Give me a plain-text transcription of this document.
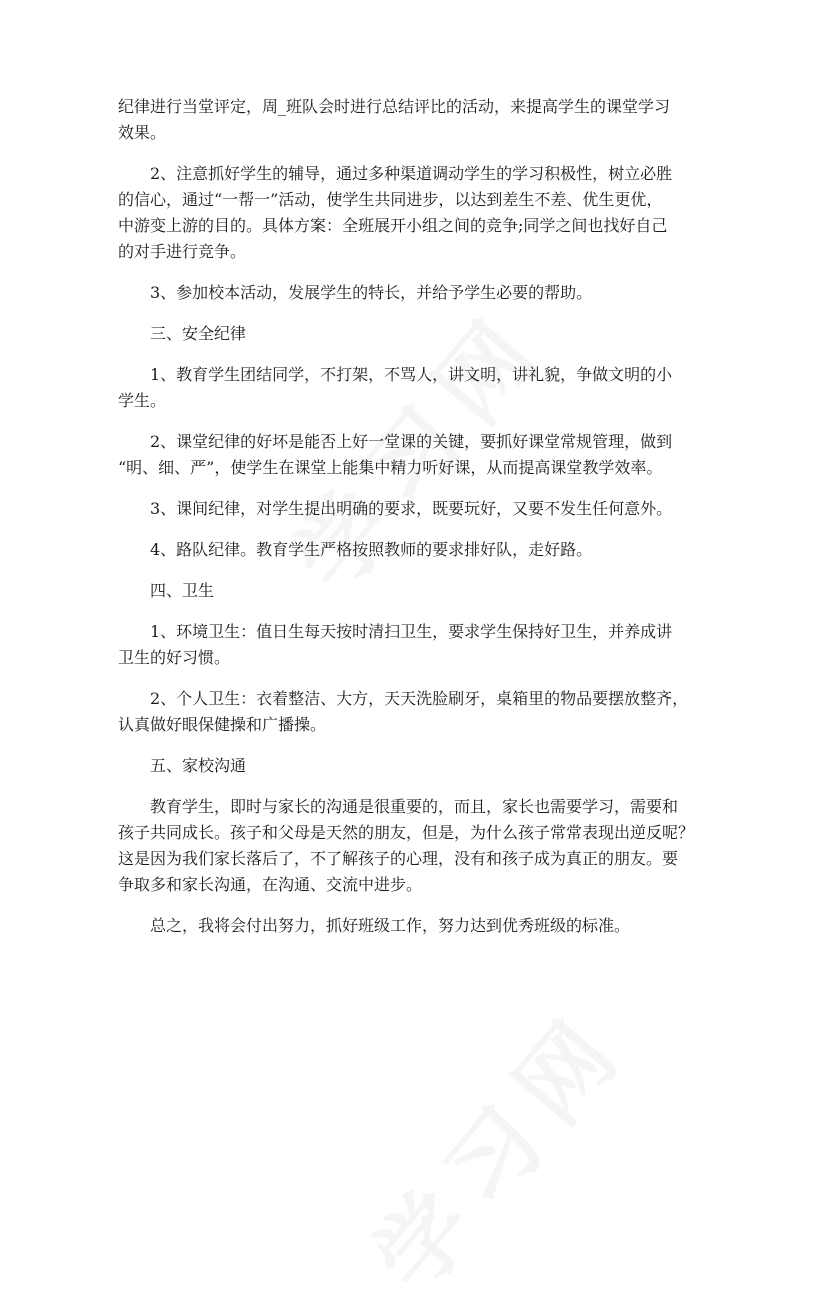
纪律进行当堂评定，周_班队会时进行总结评比的活动，来提高学生的课堂学习

效果。

2、注意抓好学生的辅导，通过多种渠道调动学生的学习积极性，树立必胜

的信心，通过“一帮一”活动，使学生共同进步，以达到差生不差、优生更优，

中游变上游的目的。具体方案：全班展开小组之间的竞争;同学之间也找好自己

的对手进行竞争。

3、参加校本活动，发展学生的特长，并给予学生必要的帮助。

三、安全纪律

1、教育学生团结同学，不打架，不骂人，讲文明，讲礼貌，争做文明的小

学生。

2、课堂纪律的好坏是能否上好一堂课的关键，要抓好课堂常规管理，做到

“明、细、严”，使学生在课堂上能集中精力听好课，从而提高课堂教学效率。

3、课间纪律，对学生提出明确的要求，既要玩好，又要不发生任何意外。

4、路队纪律。教育学生严格按照教师的要求排好队，走好路。

四、卫生

1、环境卫生：值日生每天按时清扫卫生，要求学生保持好卫生，并养成讲

卫生的好习惯。

2、个人卫生：衣着整洁、大方，天天洗脸刷牙，桌箱里的物品要摆放整齐，

认真做好眼保健操和广播操。

五、家校沟通

教育学生，即时与家长的沟通是很重要的，而且，家长也需要学习，需要和

孩子共同成长。孩子和父母是天然的朋友，但是，为什么孩子常常表现出逆反呢？

这是因为我们家长落后了，不了解孩子的心理，没有和孩子成为真正的朋友。要

争取多和家长沟通，在沟通、交流中进步。

总之，我将会付出努力，抓好班级工作，努力达到优秀班级的标准。
